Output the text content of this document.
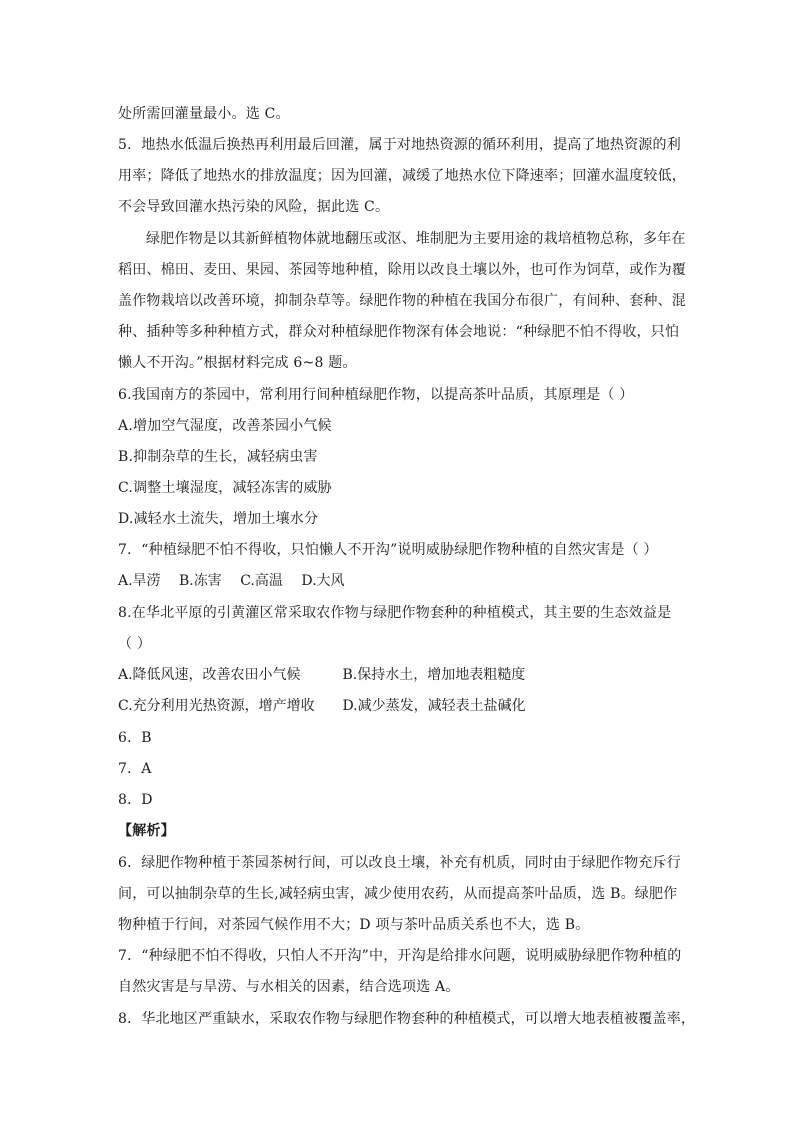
处所需回灌量最小。选 C。
5．地热水低温后换热再利用最后回灌，属于对地热资源的循环利用，提高了地热资源的利
用率；降低了地热水的排放温度；因为回灌，减缓了地热水位下降速率；回灌水温度较低，
不会导致回灌水热污染的风险，据此选 C。
绿肥作物是以其新鲜植物体就地翻压或沤、堆制肥为主要用途的栽培植物总称，多年在
稻田、棉田、麦田、果园、茶园等地种植，除用以改良土壤以外，也可作为饲草，或作为覆
盖作物栽培以改善环境，抑制杂草等。绿肥作物的种植在我国分布很广，有间种、套种、混
种、插种等多种种植方式，群众对种植绿肥作物深有体会地说：“种绿肥不怕不得收，只怕
懒人不开沟。”根据材料完成 6~8 题。
6.我国南方的茶园中，常利用行间种植绿肥作物，以提高茶叶品质，其原理是（ ）
A.增加空气湿度，改善茶园小气候
B.抑制杂草的生长，减轻病虫害
C.调整土壤湿度，减轻冻害的威胁
D.减轻水土流失，增加土壤水分
7．“种植绿肥不怕不得收，只怕懒人不开沟”说明威胁绿肥作物种植的自然灾害是（ ）
A.旱涝 B.冻害 C.高温 D.大风
8.在华北平原的引黄灌区常采取农作物与绿肥作物套种的种植模式，其主要的生态效益是
（ ）
A.降低风速，改善农田小气候	B.保持水土，增加地表粗糙度
C.充分利用光热资源，增产增收 D.减少蒸发，减轻表土盐碱化
6．B
7．A
8．D
【解析】
6．绿肥作物种植于茶园茶树行间，可以改良土壤，补充有机质，同时由于绿肥作物充斥行
间，可以抽制杂草的生长,减轻病虫害，减少使用农药，从而提高茶叶品质，选 B。绿肥作
物种植于行间，对茶园气候作用不大；D 项与茶叶品质关系也不大，选 B。
7．“种绿肥不怕不得收，只怕人不开沟”中，开沟是给排水问题，说明威胁绿肥作物种植的
自然灾害是与旱涝、与水相关的因素，结合选项选 A。
8．华北地区严重缺水，采取农作物与绿肥作物套种的种植模式，可以增大地表植被覆盖率，
